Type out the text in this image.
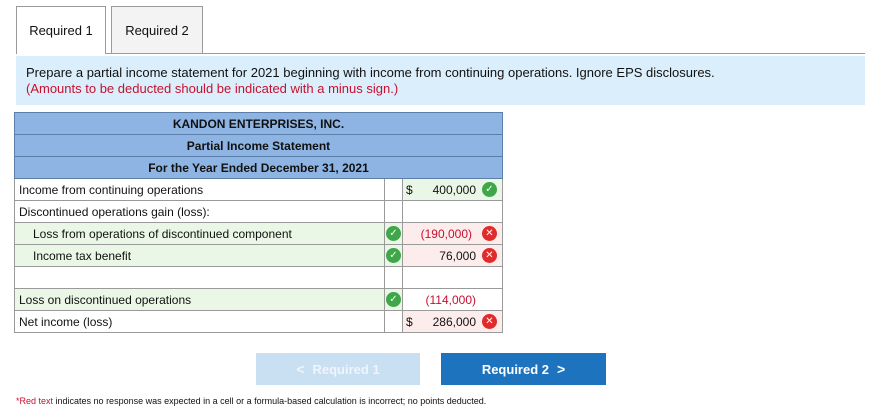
Required 1	Required 2
Prepare a partial income statement for 2021 beginning with income from continuing operations. Ignore EPS disclosures.
(Amounts to be deducted should be indicated with a minus sign.)
KANDON ENTERPRISES, INC.		
Partial Income Statement		
For the Year Ended December 31, 2021		
Income from continuing operations		$ 400,000 ✓

Discontinued operations gain (loss):		
Loss from operations of discontinued component	✓	(190,000) ✕

Income tax benefit	✓	76,000 ✕

Loss on discontinued operations	✓	(114,000)

Net income (loss)		$ 286,000 ✕
< Required 1	Required 2 >
*Red text indicates no response was expected in a cell or a formula-based calculation is incorrect; no points deducted.
